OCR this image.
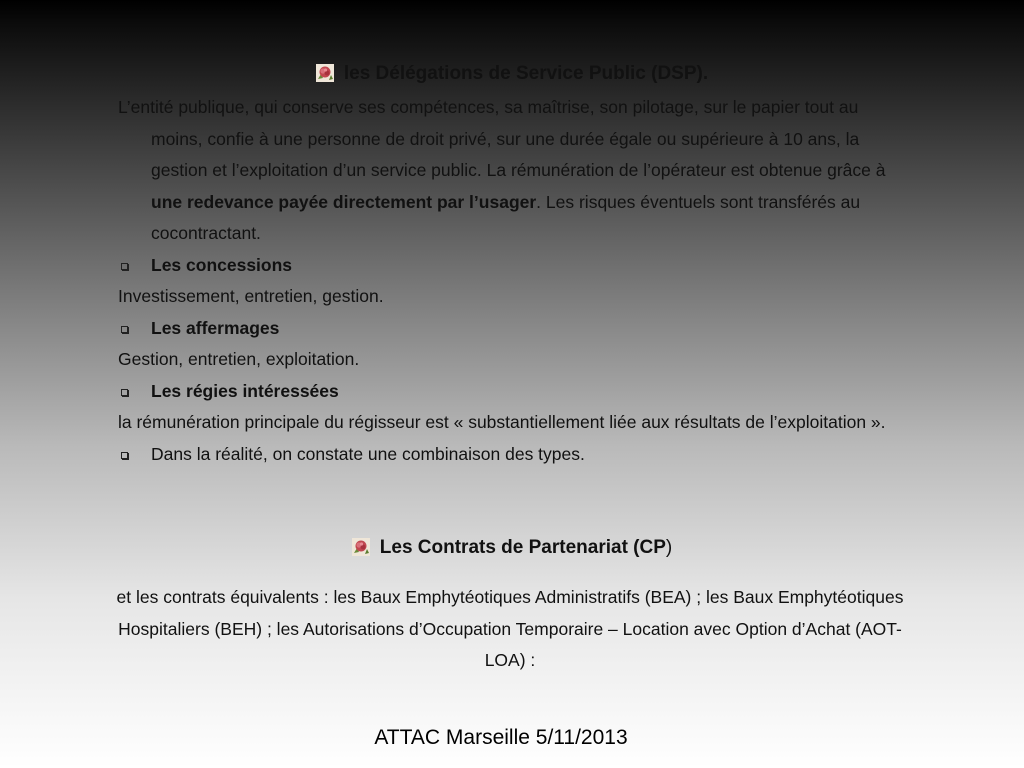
les Délégations de Service Public (DSP).
L’entité publique, qui conserve ses compétences, sa maîtrise, son pilotage, sur le papier tout au moins, confie à une personne de droit privé, sur une durée égale ou supérieure à 10 ans, la gestion et l’exploitation d’un service public. La rémunération de l’opérateur est obtenue grâce à une redevance payée directement par l’usager. Les risques éventuels sont transférés au cocontractant.
Les concessions
Investissement, entretien, gestion.
Les affermages
Gestion, entretien, exploitation.
Les régies intéressées
la rémunération principale du régisseur est « substantiellement liée aux résultats de l’exploitation ».
Dans la réalité, on constate une combinaison des types.
Les Contrats de Partenariat (CP)
et les contrats équivalents : les Baux Emphytéotiques Administratifs (BEA) ; les Baux Emphytéotiques Hospitaliers (BEH) ; les Autorisations d’Occupation Temporaire – Location avec Option d’Achat (AOT-LOA) :
ATTAC Marseille 5/11/2013
